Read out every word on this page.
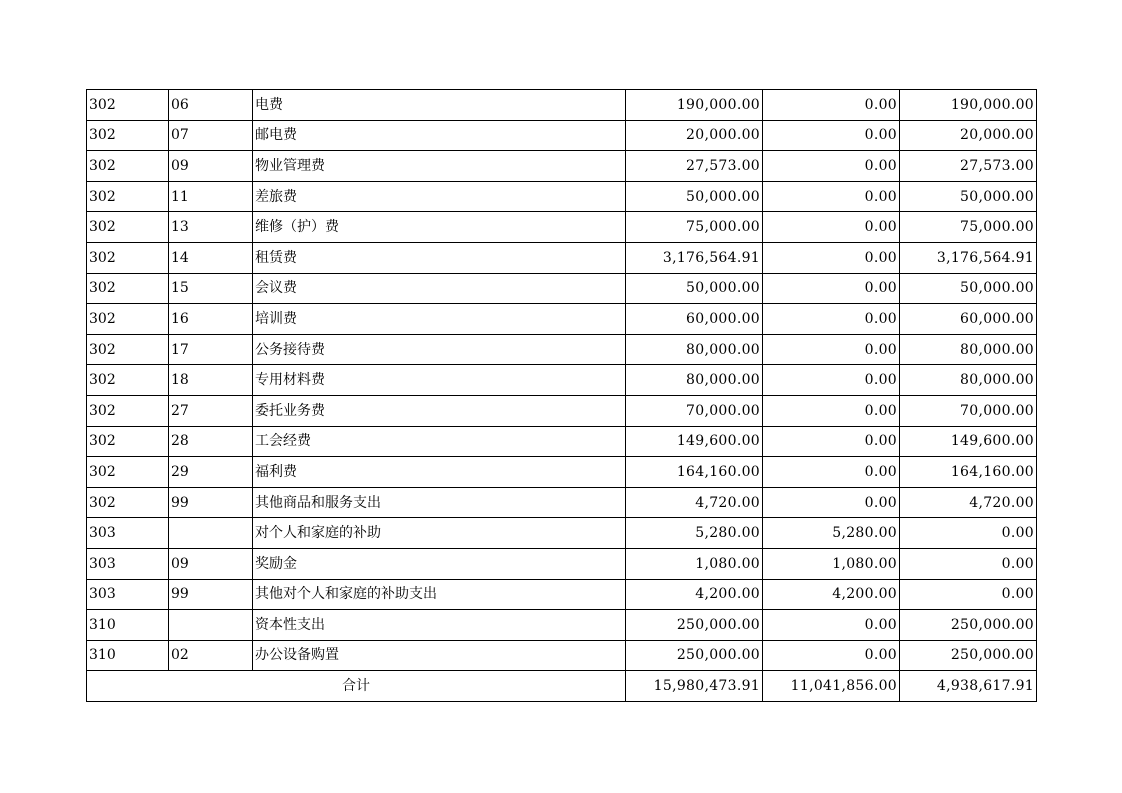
302	06	电费	190,000.00	0.00	190,000.00
302	07	邮电费	20,000.00	0.00	20,000.00
302	09	物业管理费	27,573.00	0.00	27,573.00
302	11	差旅费	50,000.00	0.00	50,000.00
302	13	维修（护）费	75,000.00	0.00	75,000.00
302	14	租赁费	3,176,564.91	0.00	3,176,564.91
302	15	会议费	50,000.00	0.00	50,000.00
302	16	培训费	60,000.00	0.00	60,000.00
302	17	公务接待费	80,000.00	0.00	80,000.00
302	18	专用材料费	80,000.00	0.00	80,000.00
302	27	委托业务费	70,000.00	0.00	70,000.00
302	28	工会经费	149,600.00	0.00	149,600.00
302	29	福利费	164,160.00	0.00	164,160.00
302	99	其他商品和服务支出	4,720.00	0.00	4,720.00
303		对个人和家庭的补助	5,280.00	5,280.00	0.00
303	09	奖励金	1,080.00	1,080.00	0.00
303	99	其他对个人和家庭的补助支出	4,200.00	4,200.00	0.00
310		资本性支出	250,000.00	0.00	250,000.00
310	02	办公设备购置	250,000.00	0.00	250,000.00
合计			15,980,473.91	11,041,856.00	4,938,617.91
